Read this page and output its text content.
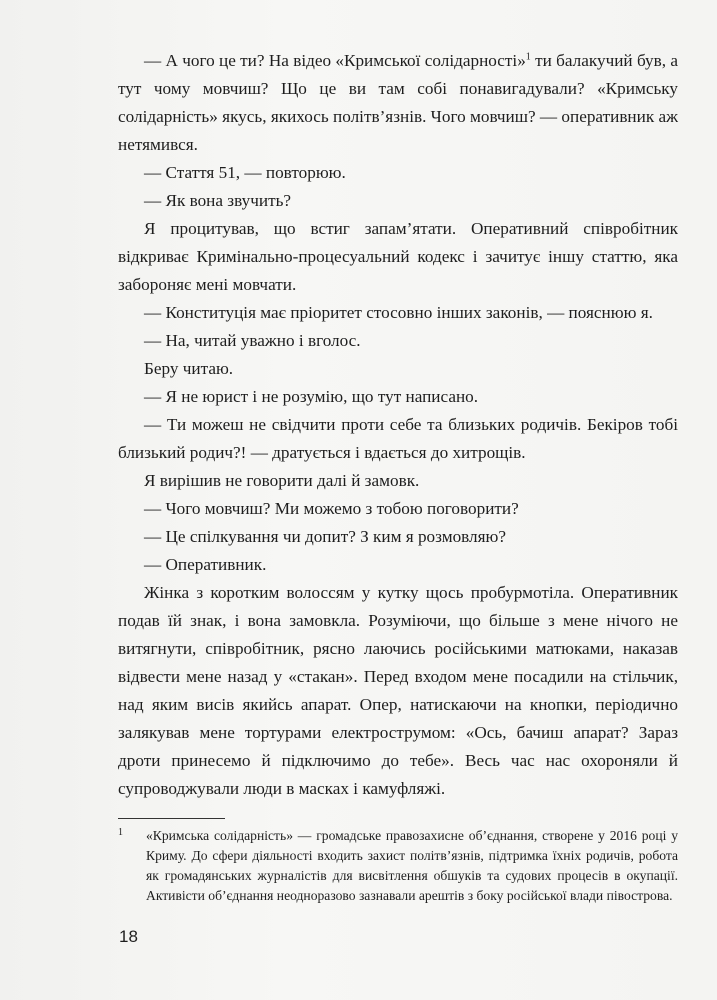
— А чого це ти? На відео «Кримської солідарності»$^1$ ти балакучий був, а тут чому мовчиш? Що це ви там собі понавигадували? «Кримську солідарність» якусь, якихось політв’язнів. Чого мовчиш? — оперативник аж нетямився.

— Стаття 51, — повторюю.

— Як вона звучить?

Я процитував, що встиг запам’ятати. Оперативний співробітник відкриває Кримінально-процесуальний кодекс і зачитує іншу статтю, яка забороняє мені мовчати.

— Конституція має пріоритет стосовно інших законів, — пояснюю я.

— На, читай уважно і вголос.

Беру читаю.

— Я не юрист і не розумію, що тут написано.

— Ти можеш не свідчити проти себе та близьких родичів. Бекіров тобі близький родич?! — дратується і вдається до хитрощів.

Я вирішив не говорити далі й замовк.

— Чого мовчиш? Ми можемо з тобою поговорити?

— Це спілкування чи допит? З ким я розмовляю?

— Оперативник.

Жінка з коротким волоссям у кутку щось пробурмотіла. Оперативник подав їй знак, і вона замовкла. Розуміючи, що більше з мене нічого не витягнути, співробітник, рясно лаючись російськими матюками, наказав відвести мене назад у «стакан». Перед входом мене посадили на стільчик, над яким висів якийсь апарат. Опер, натискаючи на кнопки, періодично залякував мене тортурами електрострумом: «Ось, бачиш апарат? Зараз дроти принесемо й підключимо до тебе». Весь час нас охороняли й супроводжували люди в масках і камуфляжі.

1 «Кримська солідарність» — громадське правозахисне об’єднання, створене у 2016 році у Криму. До сфери діяльності входить захист політв’язнів, підтримка їхніх родичів, робота як громадянських журналістів для висвітлення обшуків та судових процесів в окупації. Активісти об’єднання неодноразово зазнавали арештів з боку російської влади півострова.
18
